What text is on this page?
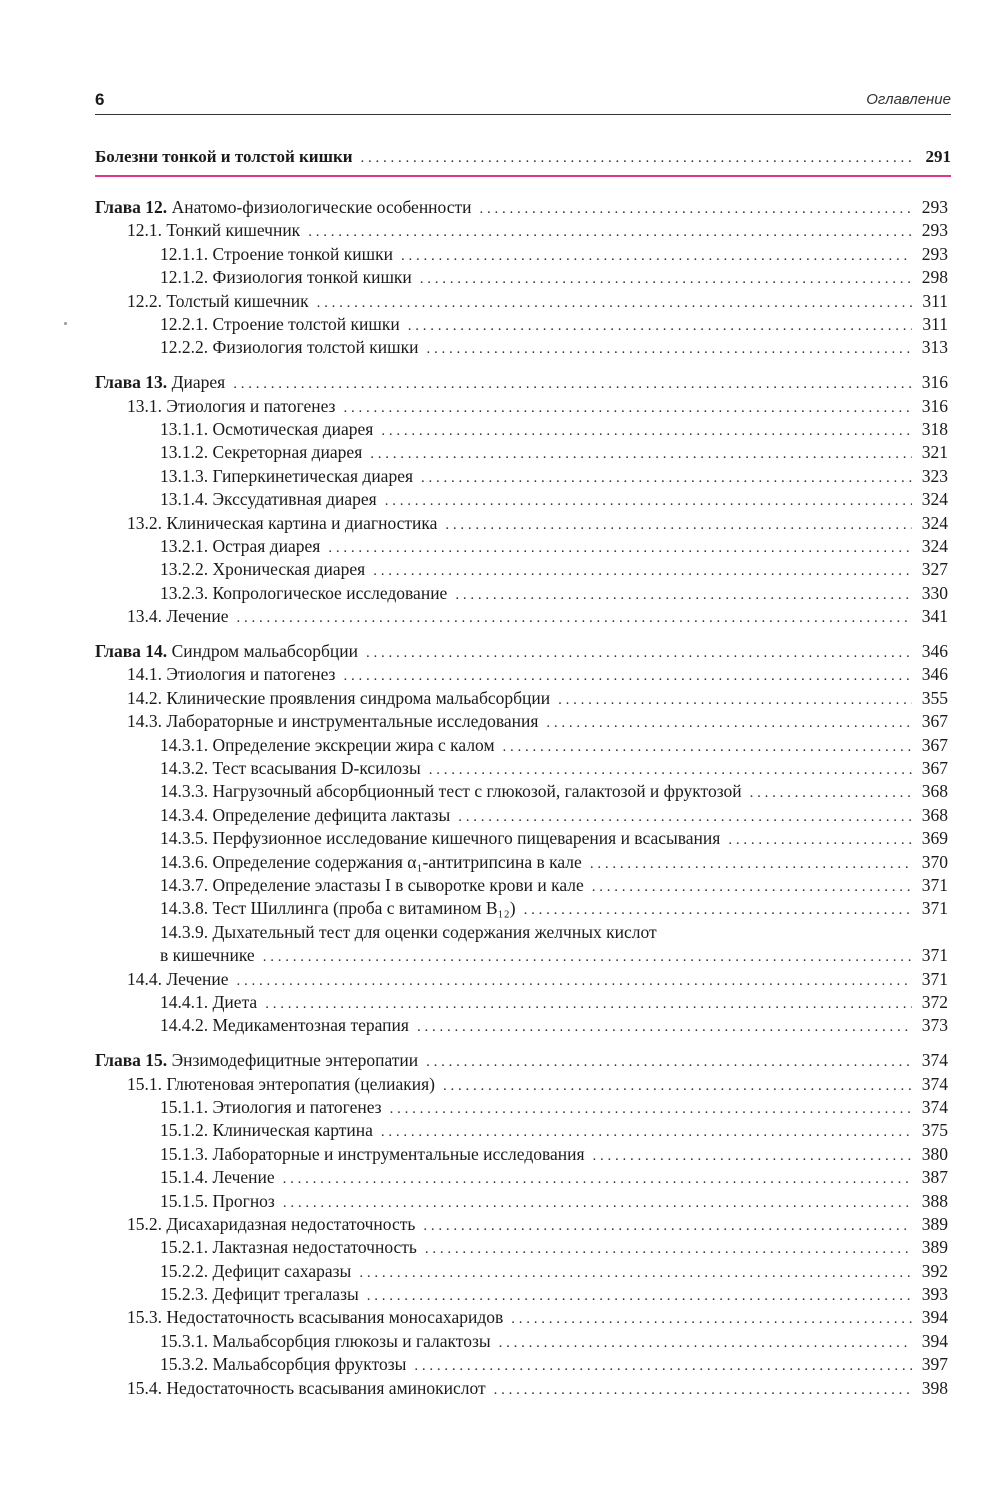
6	Оглавление
Болезни тонкой и толстой кишки . . .	291
Глава 12. Анатомо-физиологические особенности . . .	293
12.1. Тонкий кишечник . . .	293
12.1.1. Строение тонкой кишки . . .	293
12.1.2. Физиология тонкой кишки . . .	298
12.2. Толстый кишечник . . .	311
12.2.1. Строение толстой кишки . . .	311
12.2.2. Физиология толстой кишки . . .	313
Глава 13. Диарея . . .	316
13.1. Этиология и патогенез . . .	316
13.1.1. Осмотическая диарея . . .	318
13.1.2. Секреторная диарея . . .	321
13.1.3. Гиперкинетическая диарея . . .	323
13.1.4. Экссудативная диарея . . .	324
13.2. Клиническая картина и диагностика . . .	324
13.2.1. Острая диарея . . .	324
13.2.2. Хроническая диарея . . .	327
13.2.3. Копрологическое исследование . . .	330
13.4. Лечение . . .	341
Глава 14. Синдром мальабсорбции . . .	346
14.1. Этиология и патогенез . . .	346
14.2. Клинические проявления синдрома мальабсорбции . . .	355
14.3. Лабораторные и инструментальные исследования . . .	367
14.3.1. Определение экскреции жира с калом . . .	367
14.3.2. Тест всасывания D-ксилозы . . .	367
14.3.3. Нагрузочный абсорбционный тест с глюкозой, галактозой и фруктозой . . .	368
14.3.4. Определение дефицита лактазы . . .	368
14.3.5. Перфузионное исследование кишечного пищеварения и всасывания . . .	369
14.3.6. Определение содержания α₁-антитрипсина в кале . . .	370
14.3.7. Определение эластазы I в сыворотке крови и кале . . .	371
14.3.8. Тест Шиллинга (проба с витамином B₁₂) . . .	371
14.3.9. Дыхательный тест для оценки содержания желчных кислот
в кишечнике . . .	371
14.4. Лечение . . .	371
14.4.1. Диета . . .	372
14.4.2. Медикаментозная терапия . . .	373
Глава 15. Энзимодефицитные энтеропатии . . .	374
15.1. Глютеновая энтеропатия (целиакия) . . .	374
15.1.1. Этиология и патогенез . . .	374
15.1.2. Клиническая картина . . .	375
15.1.3. Лабораторные и инструментальные исследования . . .	380
15.1.4. Лечение . . .	387
15.1.5. Прогноз . . .	388
15.2. Дисахаридазная недостаточность . . .	389
15.2.1. Лактазная недостаточность . . .	389
15.2.2. Дефицит сахаразы . . .	392
15.2.3. Дефицит трегалазы . . .	393
15.3. Недостаточность всасывания моносахаридов . . .	394
15.3.1. Мальабсорбция глюкозы и галактозы . . .	394
15.3.2. Мальабсорбция фруктозы . . .	397
15.4. Недостаточность всасывания аминокислот . . .	398
